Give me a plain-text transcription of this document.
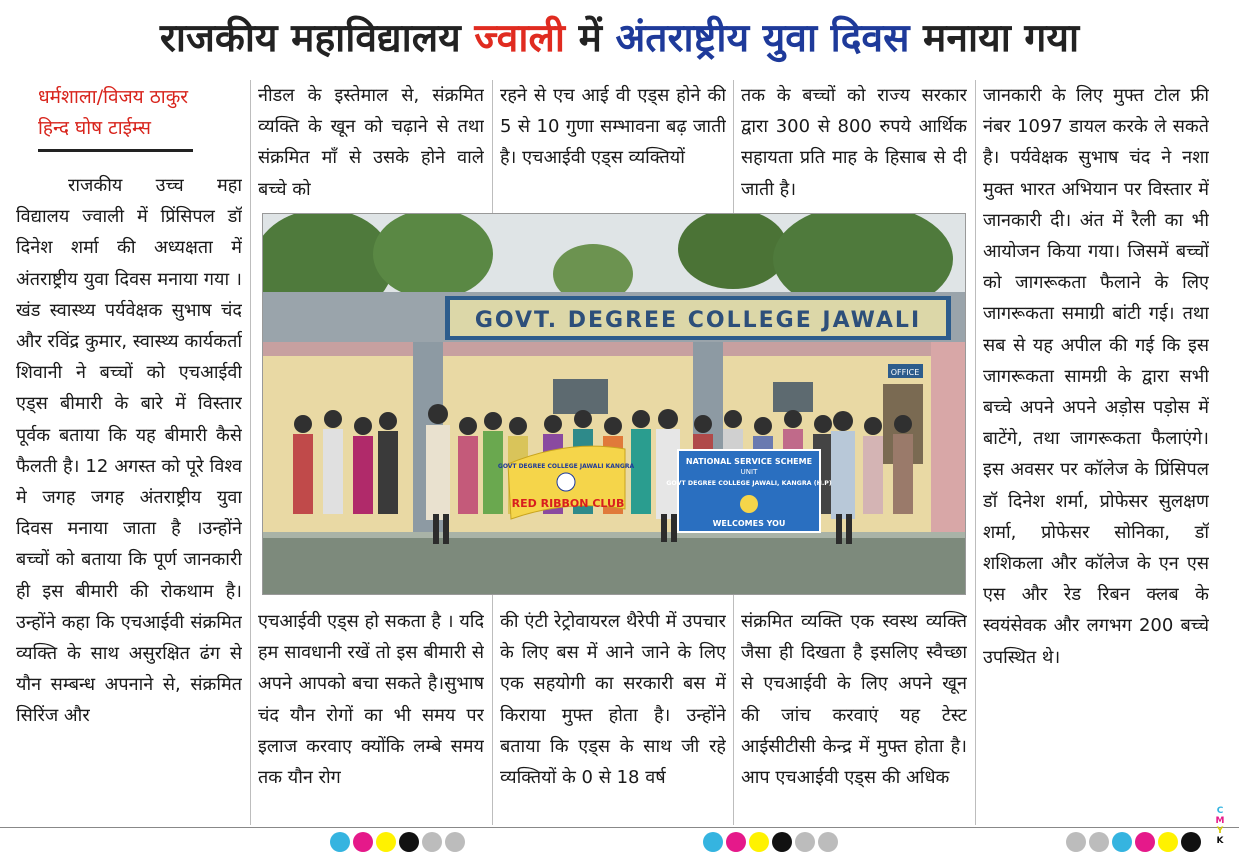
राजकीय महाविद्यालय ज्वाली में अंतराष्ट्रीय युवा दिवस मनाया गया
धर्मशाला/विजय ठाकुर
हिन्द घोष टाईम्स

राजकीय उच्च महा विद्यालय ज्वाली में प्रिंसिपल डॉ दिनेश शर्मा की अध्यक्षता में अंतराष्ट्रीय युवा दिवस मनाया गया । खंड स्वास्थ्य पर्यवेक्षक सुभाष चंद और रविंद्र कुमार, स्वास्थ्य कार्यकर्ता शिवानी ने बच्चों को एचआईवी एड्स बीमारी के बारे में विस्तार पूर्वक बताया कि यह बीमारी कैसे फैलती है। 12 अगस्त को पूरे विश्व मे जगह जगह अंतराष्ट्रीय युवा दिवस मनाया जाता है ।उन्होंने बच्चों को बताया कि पूर्ण जानकारी ही इस बीमारी की रोकथाम है। उन्होंने कहा कि एचआईवी संक्रमित व्यक्ति के साथ असुरक्षित ढंग से यौन सम्बन्ध अपनाने से, संक्रमित सिरिंज और

नीडल के इस्तेमाल से, संक्रमित व्यक्ति के खून को चढ़ाने से तथा संक्रमित माँ से उसके होने वाले बच्चे को

रहने से एच आई वी एड्स होने की 5 से 10 गुणा सम्भावना बढ़ जाती है। एचआईवी एड्स व्यक्तियों

तक के बच्चों को राज्य सरकार द्वारा 300 से 800 रुपये आर्थिक सहायता प्रति माह के हिसाब से दी जाती है।

एचआईवी एड्स हो सकता है । यदि हम सावधानी रखें तो इस बीमारी से अपने आपको बचा सकते है।सुभाष चंद यौन रोगों का भी समय पर इलाज करवाए क्योंकि लम्बे समय तक यौन रोग

की एंटी रेट्रोवायरल थैरेपी में उपचार के लिए बस में आने जाने के लिए एक सहयोगी का सरकारी बस में किराया मुफ्त होता है। उन्होंने बताया कि एड्स के साथ जी रहे व्यक्तियों के 0 से 18 वर्ष

संक्रमित व्यक्ति एक स्वस्थ व्यक्ति जैसा ही दिखता है इसलिए स्वैच्छा से एचआईवी के लिए अपने खून की जांच करवाएं यह टेस्ट आईसीटीसी केन्द्र में मुफ्त होता है। आप एचआईवी एड्स की अधिक

जानकारी के लिए मुफ्त टोल फ्री नंबर 1097 डायल करके ले सकते है। पर्यवेक्षक सुभाष चंद ने नशा मुक्त भारत अभियान पर विस्तार में जानकारी दी। अंत में रैली का भी आयोजन किया गया। जिसमें बच्चों को जागरूकता फैलाने के लिए जागरूकता समाग्री बांटी गई। तथा सब से यह अपील की गई कि इस जागरूकता सामग्री के द्वारा सभी बच्चे अपने अपने अड़ोस पड़ोस में बाटेंगे, तथा जागरूकता फैलाएंगे।इस अवसर पर कॉलेज के प्रिंसिपल डॉ दिनेश शर्मा, प्रोफेसर सुलक्षण शर्मा, प्रोफेसर सोनिका, डॉ शशिकला और कॉलेज के एन एस एस और रेड रिबन क्लब के स्वयंसेवक और लगभग 200 बच्चे उपस्थित थे।

GOVT. DEGREE COLLEGE JAWALI
OFFICE
GOVT DEGREE COLLEGE JAWALI KANGRA
RED RIBBON CLUB
NATIONAL SERVICE SCHEME
UNIT
GOVT DEGREE COLLEGE JAWALI, KANGRA (H.P)
WELCOMES YOU
C
M
Y
K
